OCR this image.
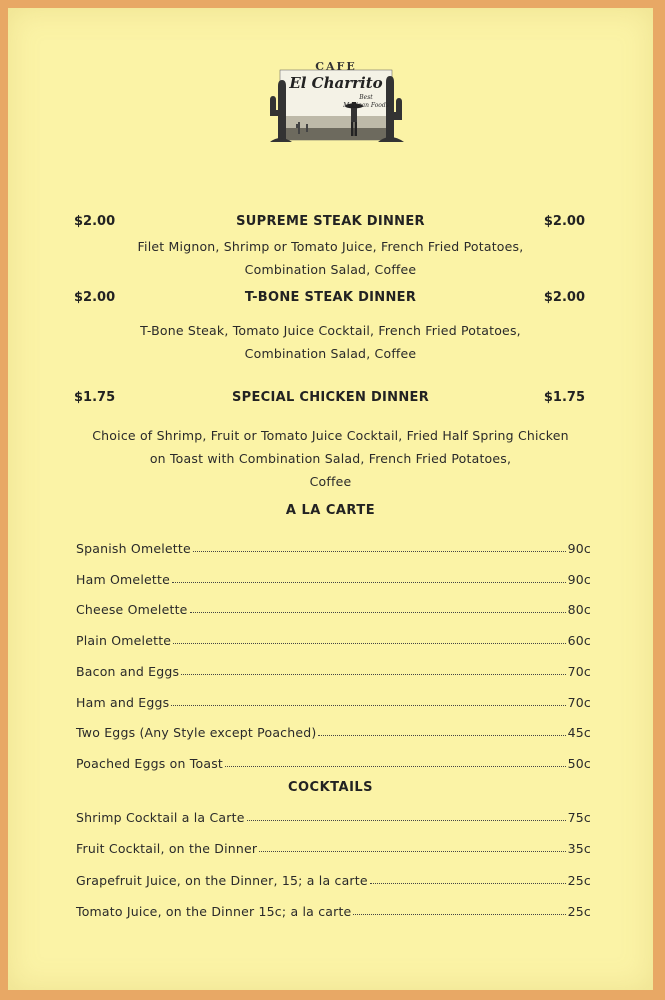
CAFE
El Charrito
Best
Mexican Foods
$2.00	SUPREME STEAK DINNER	$2.00
Filet Mignon, Shrimp or Tomato Juice, French Fried Potatoes,
Combination Salad, Coffee
$2.00	T-BONE STEAK DINNER	$2.00
T-Bone Steak, Tomato Juice Cocktail, French Fried Potatoes,
Combination Salad, Coffee
$1.75	SPECIAL CHICKEN DINNER	$1.75
Choice of Shrimp, Fruit or Tomato Juice Cocktail, Fried Half Spring Chicken
on Toast with Combination Salad, French Fried Potatoes,
Coffee
A LA CARTE
Spanish Omelette	90c
Ham Omelette	90c
Cheese Omelette	80c
Plain Omelette	60c
Bacon and Eggs	70c
Ham and Eggs	70c
Two Eggs (Any Style except Poached)	45c
Poached Eggs on Toast	50c
COCKTAILS
Shrimp Cocktail a la Carte	75c
Fruit Cocktail, on the Dinner	35c
Grapefruit Juice, on the Dinner, 15; a la carte	25c
Tomato Juice, on the Dinner 15c; a la carte	25c
